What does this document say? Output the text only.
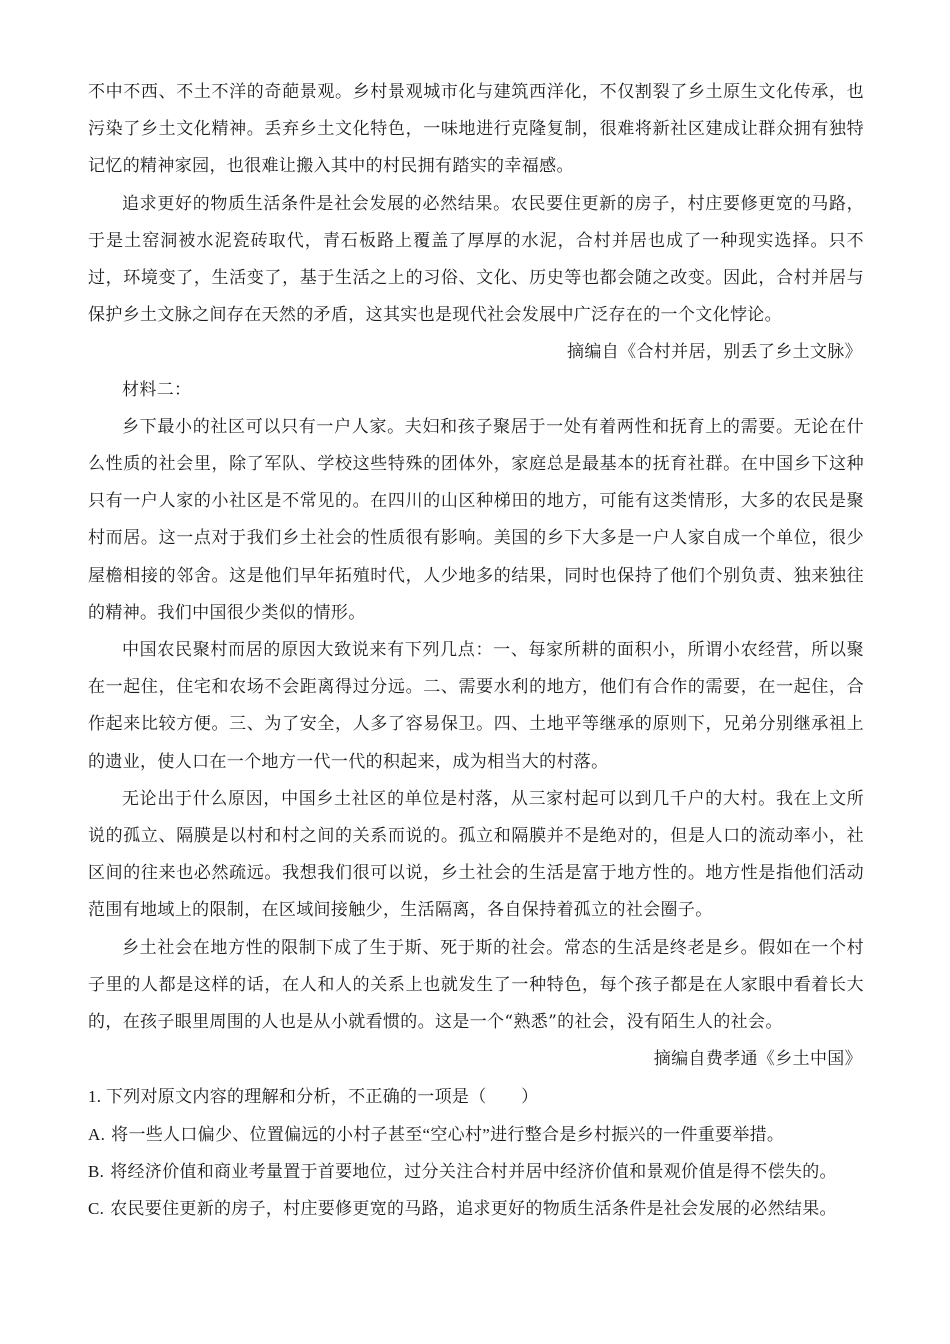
不中不西、不土不洋的奇葩景观。乡村景观城市化与建筑西洋化，不仅割裂了乡土原生文化传承，也污染了乡土文化精神。丢弃乡土文化特色，一味地进行克隆复制，很难将新社区建成让群众拥有独特记忆的精神家园，也很难让搬入其中的村民拥有踏实的幸福感。

追求更好的物质生活条件是社会发展的必然结果。农民要住更新的房子，村庄要修更宽的马路，于是土窑洞被水泥瓷砖取代，青石板路上覆盖了厚厚的水泥，合村并居也成了一种现实选择。只不过，环境变了，生活变了，基于生活之上的习俗、文化、历史等也都会随之改变。因此，合村并居与保护乡土文脉之间存在天然的矛盾，这其实也是现代社会发展中广泛存在的一个文化悖论。

摘编自《合村并居，别丢了乡土文脉》

材料二：

乡下最小的社区可以只有一户人家。夫妇和孩子聚居于一处有着两性和抚育上的需要。无论在什么性质的社会里，除了军队、学校这些特殊的团体外，家庭总是最基本的抚育社群。在中国乡下这种只有一户人家的小社区是不常见的。在四川的山区种梯田的地方，可能有这类情形，大多的农民是聚村而居。这一点对于我们乡土社会的性质很有影响。美国的乡下大多是一户人家自成一个单位，很少屋檐相接的邻舍。这是他们早年拓殖时代，人少地多的结果，同时也保持了他们个别负责、独来独往的精神。我们中国很少类似的情形。

中国农民聚村而居的原因大致说来有下列几点：一、每家所耕的面积小，所谓小农经营，所以聚在一起住，住宅和农场不会距离得过分远。二、需要水利的地方，他们有合作的需要，在一起住，合作起来比较方便。三、为了安全，人多了容易保卫。四、土地平等继承的原则下，兄弟分别继承祖上的遗业，使人口在一个地方一代一代的积起来，成为相当大的村落。

无论出于什么原因，中国乡土社区的单位是村落，从三家村起可以到几千户的大村。我在上文所说的孤立、隔膜是以村和村之间的关系而说的。孤立和隔膜并不是绝对的，但是人口的流动率小，社区间的往来也必然疏远。我想我们很可以说，乡土社会的生活是富于地方性的。地方性是指他们活动范围有地域上的限制，在区域间接触少，生活隔离，各自保持着孤立的社会圈子。

乡土社会在地方性的限制下成了生于斯、死于斯的社会。常态的生活是终老是乡。假如在一个村子里的人都是这样的话，在人和人的关系上也就发生了一种特色，每个孩子都是在人家眼中看着长大的，在孩子眼里周围的人也是从小就看惯的。这是一个“熟悉”的社会，没有陌生人的社会。

摘编自费孝通《乡土中国》

1. 下列对原文内容的理解和分析，不正确的一项是（　　）

A. 将一些人口偏少、位置偏远的小村子甚至“空心村”进行整合是乡村振兴的一件重要举措。

B. 将经济价值和商业考量置于首要地位，过分关注合村并居中经济价值和景观价值是得不偿失的。

C. 农民要住更新的房子，村庄要修更宽的马路，追求更好的物质生活条件是社会发展的必然结果。
